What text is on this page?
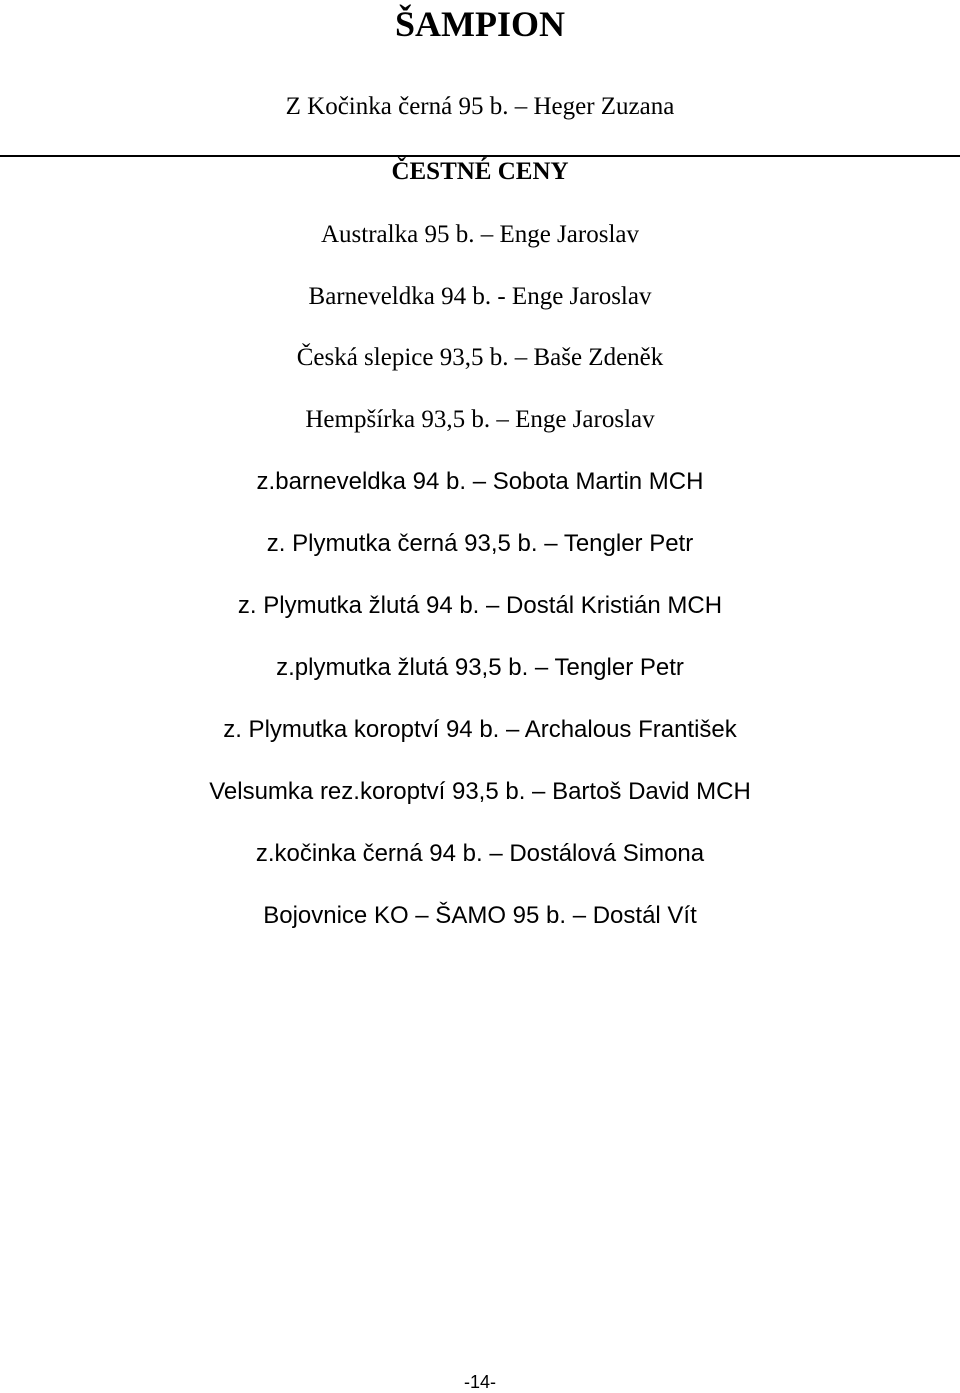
ŠAMPION
Z Kočinka černá 95 b. – Heger Zuzana
ČESTNÉ CENY
Australka 95 b. – Enge Jaroslav
Barneveldka 94 b. - Enge Jaroslav
Česká slepice 93,5 b. – Baše Zdeněk
Hempšírka 93,5 b. – Enge Jaroslav
z.barneveldka 94 b. – Sobota Martin MCH
z. Plymutka černá 93,5 b. – Tengler Petr
z. Plymutka žlutá 94 b. – Dostál Kristián MCH
z.plymutka žlutá 93,5 b. – Tengler Petr
z. Plymutka koroptví 94 b. – Archalous František
Velsumka rez.koroptví 93,5 b. – Bartoš David MCH
z.kočinka černá 94 b. – Dostálová Simona
Bojovnice KO – ŠAMO 95 b. – Dostál Vít
-14-
